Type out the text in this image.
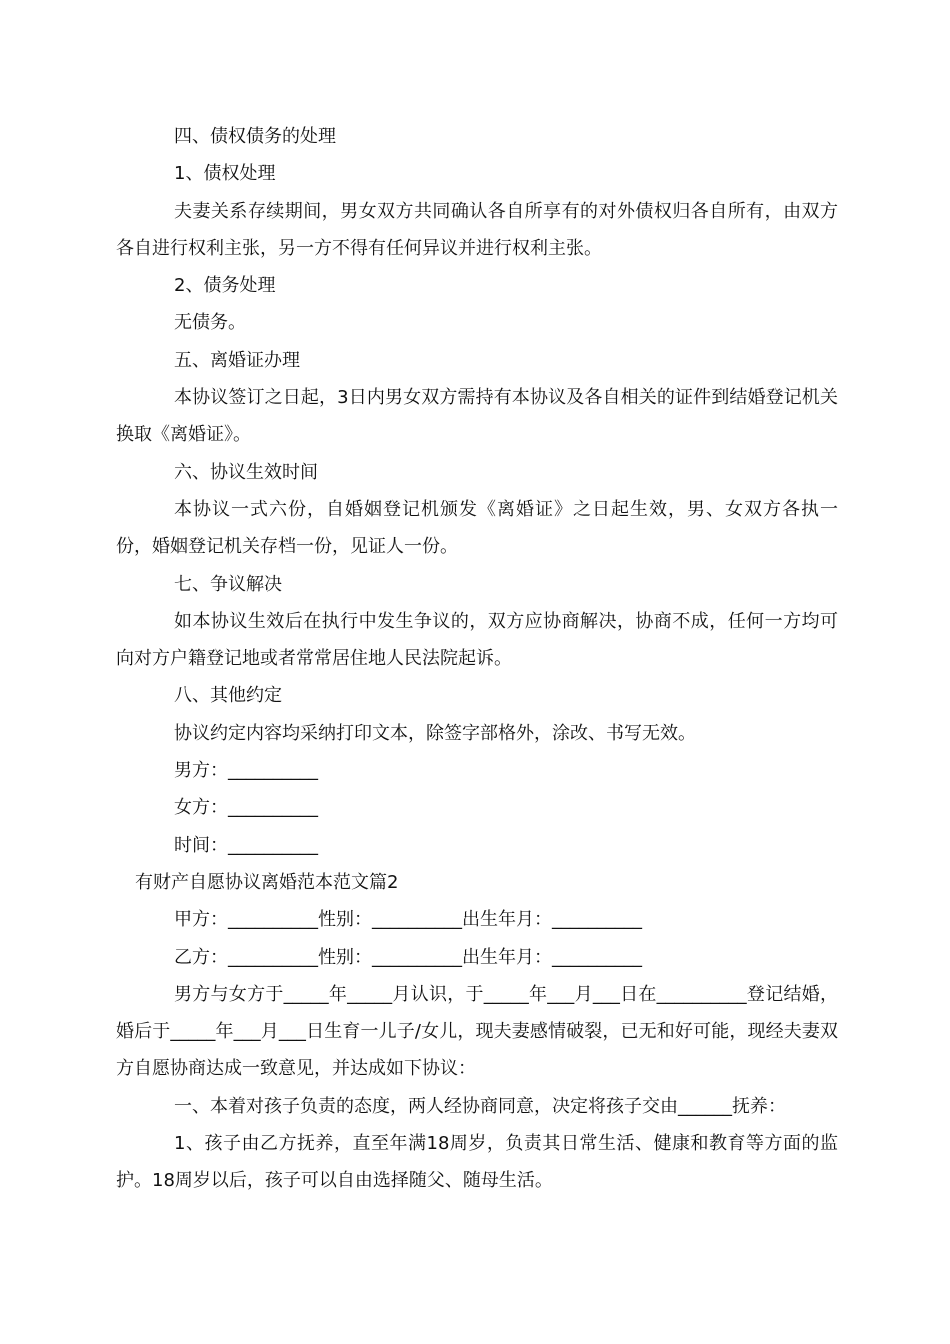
四、债权债务的处理

1、债权处理

夫妻关系存续期间，男女双方共同确认各自所享有的对外债权归各自所有，由双方各自进行权利主张，另一方不得有任何异议并进行权利主张。

2、债务处理

无债务。

五、离婚证办理

本协议签订之日起，3日内男女双方需持有本协议及各自相关的证件到结婚登记机关换取《离婚证》。

六、协议生效时间

本协议一式六份，自婚姻登记机颁发《离婚证》之日起生效，男、女双方各执一份，婚姻登记机关存档一份，见证人一份。

七、争议解决

如本协议生效后在执行中发生争议的，双方应协商解决，协商不成，任何一方均可向对方户籍登记地或者常常居住地人民法院起诉。

八、其他约定

协议约定内容均采纳打印文本，除签字部格外，涂改、书写无效。

男方：__________

女方：__________

时间：__________

有财产自愿协议离婚范本范文篇2

甲方：__________性别：__________出生年月：__________

乙方：__________性别：__________出生年月：__________

男方与女方于_____年_____月认识，于_____年___月___日在__________登记结婚，婚后于_____年___月___日生育一儿子/女儿，现夫妻感情破裂，已无和好可能，现经夫妻双方自愿协商达成一致意见，并达成如下协议：

一、本着对孩子负责的态度，两人经协商同意，决定将孩子交由______抚养：

1、孩子由乙方抚养，直至年满18周岁，负责其日常生活、健康和教育等方面的监护。18周岁以后，孩子可以自由选择随父、随母生活。
